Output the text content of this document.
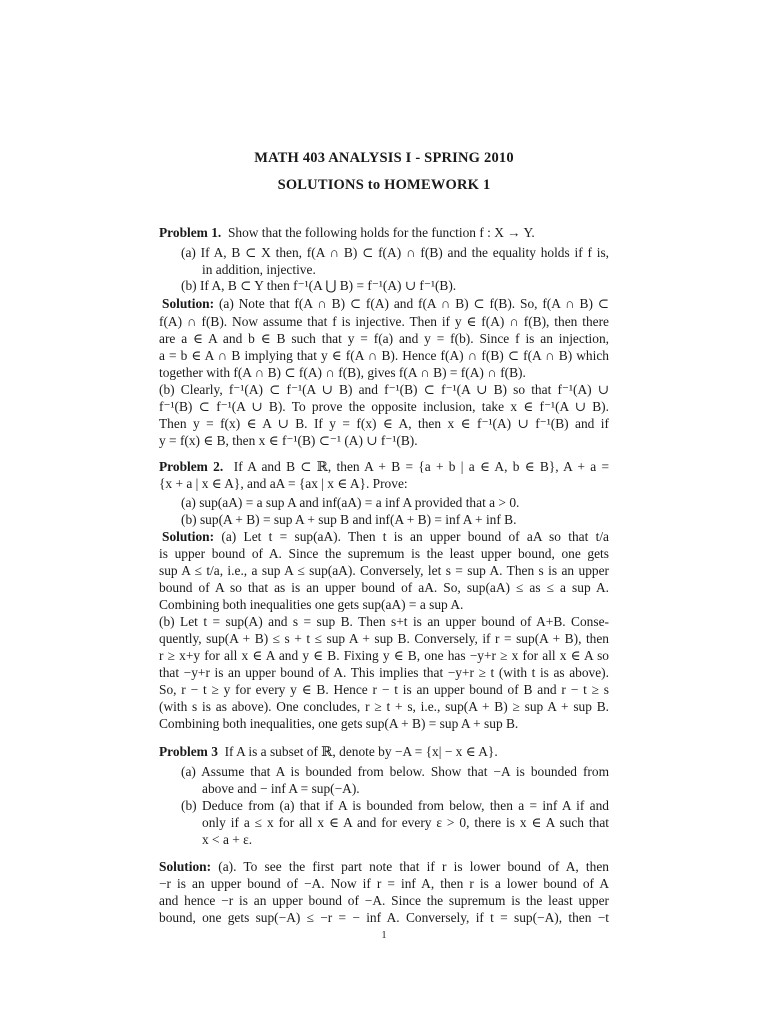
MATH 403 ANALYSIS I - SPRING 2010
SOLUTIONS to HOMEWORK 1

Problem 1. Show that the following holds for the function f : X → Y.

(a) If A, B ⊂ X then, f(A ∩ B) ⊂ f(A) ∩ f(B) and the equality holds if f is,

in addition, injective.

(b) If A, B ⊂ Y then f⁻¹(A ⋃ B) = f⁻¹(A) ∪ f⁻¹(B).

Solution: (a) Note that f(A ∩ B) ⊂ f(A) and f(A ∩ B) ⊂ f(B). So, f(A ∩ B) ⊂

f(A) ∩ f(B). Now assume that f is injective. Then if y ∈ f(A) ∩ f(B), then there

are a ∈ A and b ∈ B such that y = f(a) and y = f(b). Since f is an injection,

a = b ∈ A ∩ B implying that y ∈ f(A ∩ B). Hence f(A) ∩ f(B) ⊂ f(A ∩ B) which

together with f(A ∩ B) ⊂ f(A) ∩ f(B), gives f(A ∩ B) = f(A) ∩ f(B).

(b) Clearly, f⁻¹(A) ⊂ f⁻¹(A ∪ B) and f⁻¹(B) ⊂ f⁻¹(A ∪ B) so that f⁻¹(A) ∪

f⁻¹(B) ⊂ f⁻¹(A ∪ B). To prove the opposite inclusion, take x ∈ f⁻¹(A ∪ B).

Then y = f(x) ∈ A ∪ B. If y = f(x) ∈ A, then x ∈ f⁻¹(A) ∪ f⁻¹(B) and if

y = f(x) ∈ B, then x ∈ f⁻¹(B) ⊂⁻¹ (A) ∪ f⁻¹(B).

Problem 2. If A and B ⊂ ℝ, then A + B = {a + b | a ∈ A, b ∈ B}, A + a =

{x + a | x ∈ A}, and aA = {ax | x ∈ A}. Prove:

(a) sup(aA) = a sup A and inf(aA) = a inf A provided that a > 0.

(b) sup(A + B) = sup A + sup B and inf(A + B) = inf A + inf B.

Solution: (a) Let t = sup(aA). Then t is an upper bound of aA so that t/a

is upper bound of A. Since the supremum is the least upper bound, one gets

sup A ≤ t/a, i.e., a sup A ≤ sup(aA). Conversely, let s = sup A. Then s is an upper

bound of A so that as is an upper bound of aA. So, sup(aA) ≤ as ≤ a sup A.

Combining both inequalities one gets sup(aA) = a sup A.

(b) Let t = sup(A) and s = sup B. Then s+t is an upper bound of A+B. Conse-

quently, sup(A + B) ≤ s + t ≤ sup A + sup B. Conversely, if r = sup(A + B), then

r ≥ x+y for all x ∈ A and y ∈ B. Fixing y ∈ B, one has −y+r ≥ x for all x ∈ A so

that −y+r is an upper bound of A. This implies that −y+r ≥ t (with t is as above).

So, r − t ≥ y for every y ∈ B. Hence r − t is an upper bound of B and r − t ≥ s

(with s is as above). One concludes, r ≥ t + s, i.e., sup(A + B) ≥ sup A + sup B.

Combining both inequalities, one gets sup(A + B) = sup A + sup B.

Problem 3 If A is a subset of ℝ, denote by −A = {x| − x ∈ A}.

(a) Assume that A is bounded from below. Show that −A is bounded from

above and − inf A = sup(−A).

(b) Deduce from (a) that if A is bounded from below, then a = inf A if and

only if a ≤ x for all x ∈ A and for every ε > 0, there is x ∈ A such that

x < a + ε.

Solution: (a). To see the first part note that if r is lower bound of A, then

−r is an upper bound of −A. Now if r = inf A, then r is a lower bound of A

and hence −r is an upper bound of −A. Since the supremum is the least upper

bound, one gets sup(−A) ≤ −r = − inf A. Conversely, if t = sup(−A), then −t

1
